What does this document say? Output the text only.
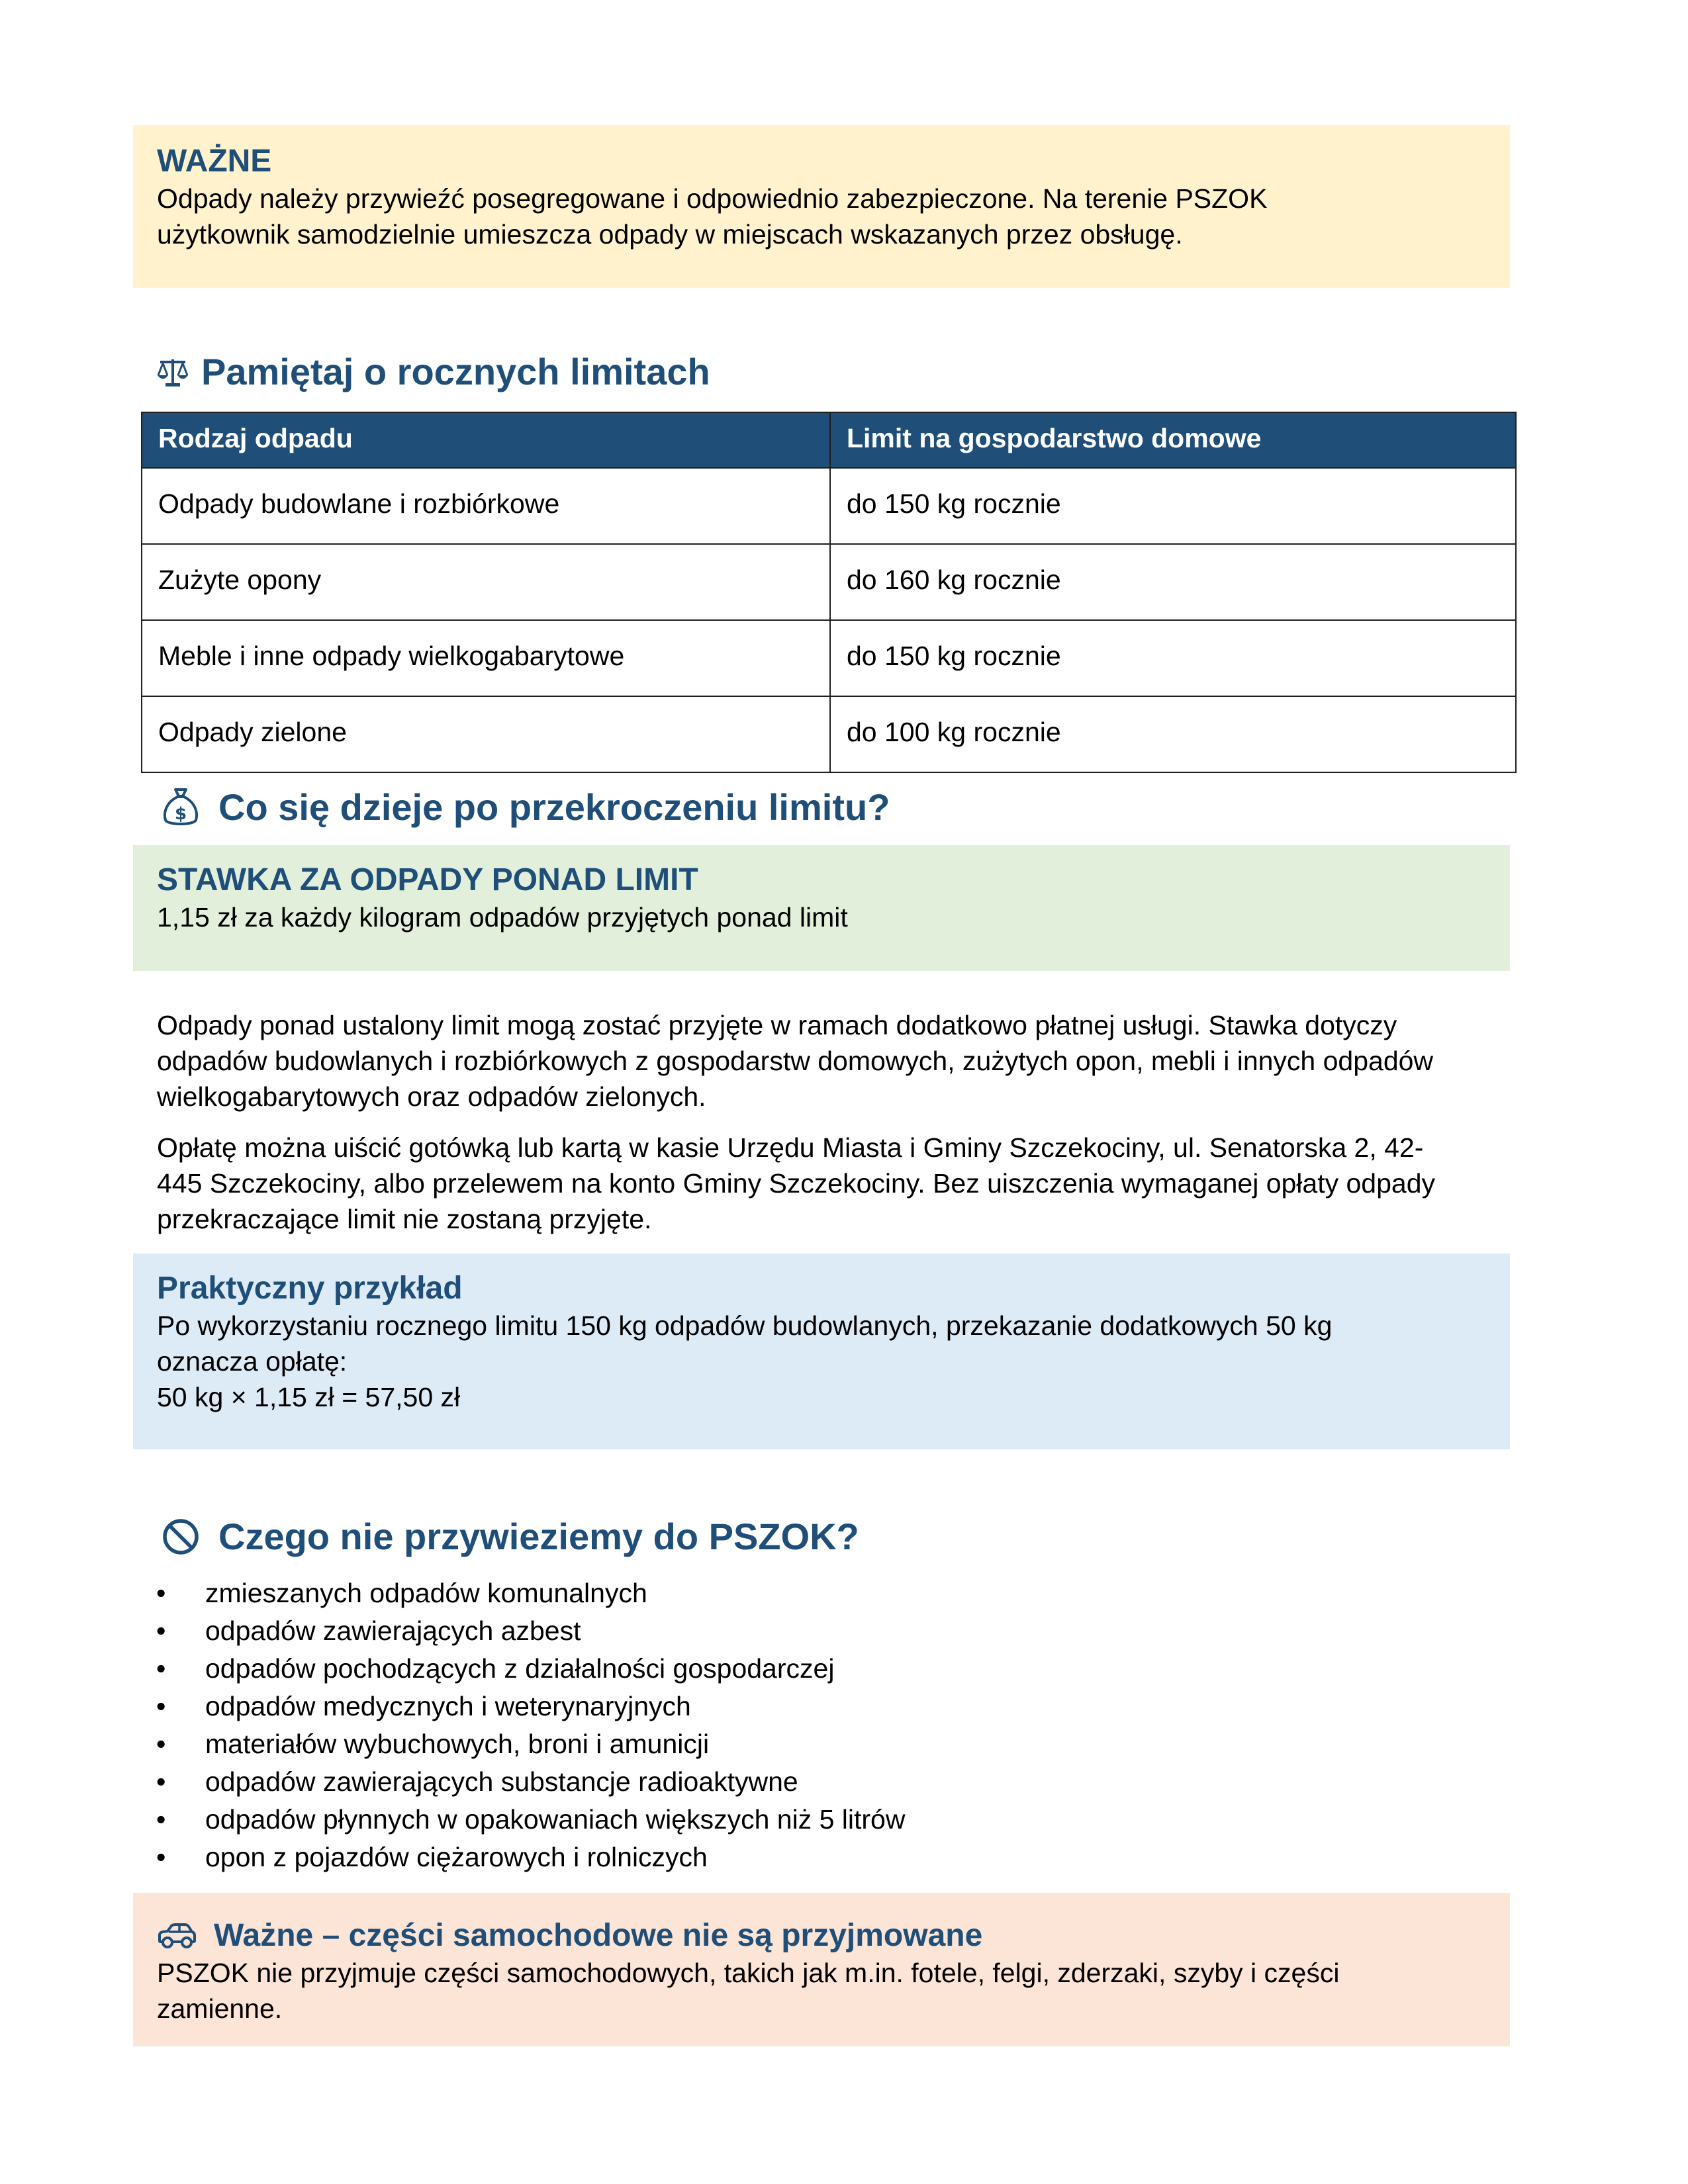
WAŻNE
Odpady należy przywieźć posegregowane i odpowiednio zabezpieczone. Na terenie PSZOK
użytkownik samodzielnie umieszcza odpady w miejscach wskazanych przez obsługę.
Pamiętaj o rocznych limitach
Rodzaj odpadu	Limit na gospodarstwo domowe
Odpady budowlane i rozbiórkowe	do 150 kg rocznie
Zużyte opony	do 160 kg rocznie
Meble i inne odpady wielkogabarytowe	do 150 kg rocznie
Odpady zielone	do 100 kg rocznie
$ Co się dzieje po przekroczeniu limitu?
STAWKA ZA ODPADY PONAD LIMIT
1,15 zł za każdy kilogram odpadów przyjętych ponad limit
Odpady ponad ustalony limit mogą zostać przyjęte w ramach dodatkowo płatnej usługi. Stawka dotyczy
odpadów budowlanych i rozbiórkowych z gospodarstw domowych, zużytych opon, mebli i innych odpadów
wielkogabarytowych oraz odpadów zielonych.
Opłatę można uiścić gotówką lub kartą w kasie Urzędu Miasta i Gminy Szczekociny, ul. Senatorska 2, 42-
445 Szczekociny, albo przelewem na konto Gminy Szczekociny. Bez uiszczenia wymaganej opłaty odpady
przekraczające limit nie zostaną przyjęte.
Praktyczny przykład
Po wykorzystaniu rocznego limitu 150 kg odpadów budowlanych, przekazanie dodatkowych 50 kg
oznacza opłatę:
50 kg × 1,15 zł = 57,50 zł
Czego nie przywieziemy do PSZOK?
• zmieszanych odpadów komunalnych
• odpadów zawierających azbest
• odpadów pochodzących z działalności gospodarczej
• odpadów medycznych i weterynaryjnych
• materiałów wybuchowych, broni i amunicji
• odpadów zawierających substancje radioaktywne
• odpadów płynnych w opakowaniach większych niż 5 litrów
• opon z pojazdów ciężarowych i rolniczych
Ważne – części samochodowe nie są przyjmowane
PSZOK nie przyjmuje części samochodowych, takich jak m.in. fotele, felgi, zderzaki, szyby i części
zamienne.
